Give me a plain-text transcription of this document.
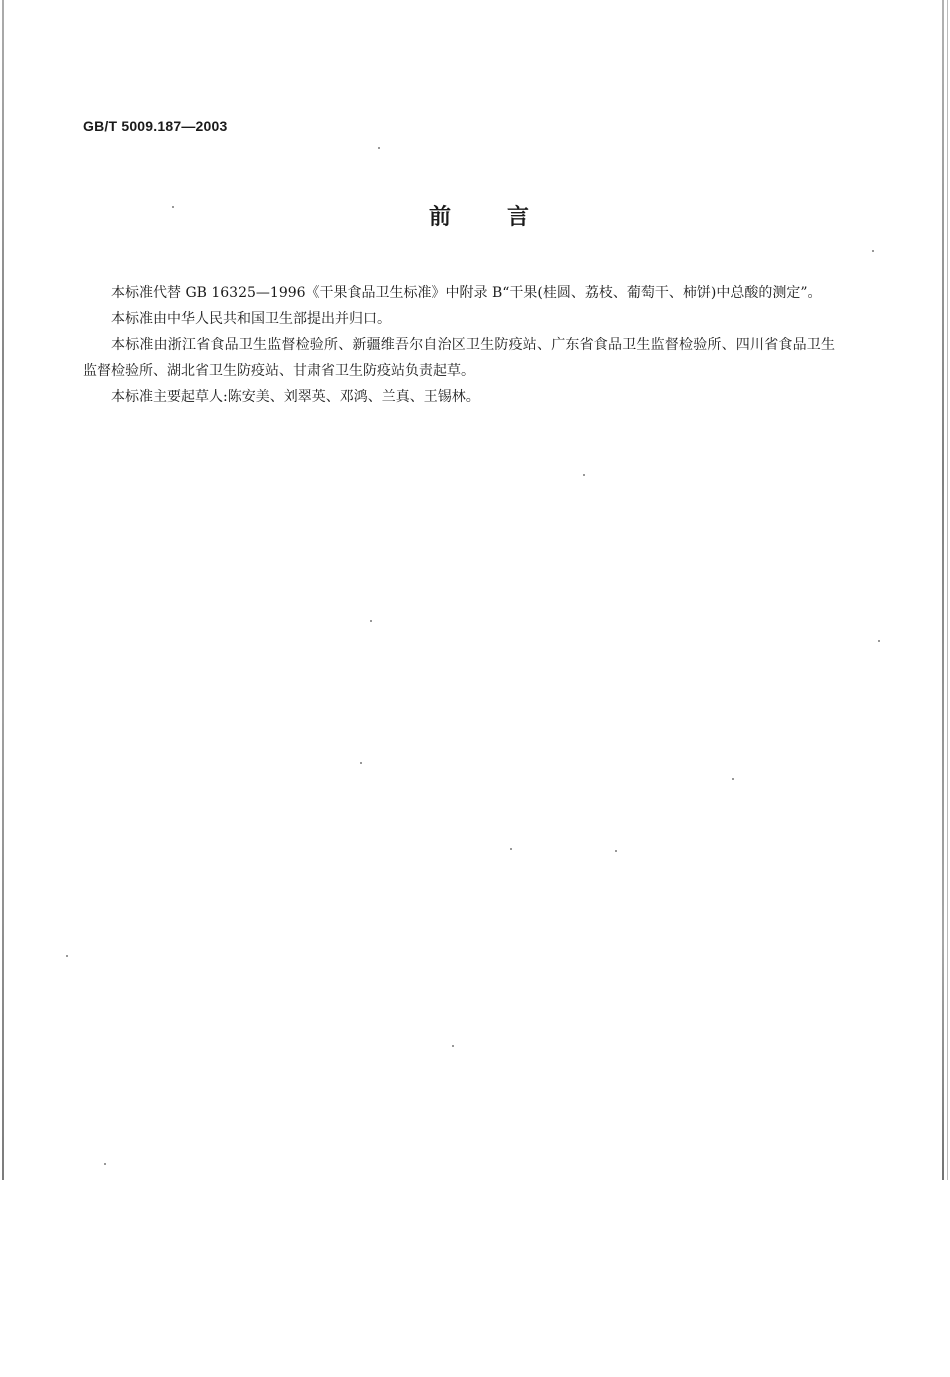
GB/T 5009.187—2003
前言

本标准代替 GB 16325—1996《干果食品卫生标准》中附录 B“干果(桂圆、荔枝、葡萄干、柿饼)中总酸的测定”。

本标准由中华人民共和国卫生部提出并归口。

本标准由浙江省食品卫生监督检验所、新疆维吾尔自治区卫生防疫站、广东省食品卫生监督检验所、四川省食品卫生监督检验所、湖北省卫生防疫站、甘肃省卫生防疫站负责起草。

本标准主要起草人:陈安美、刘翠英、邓鸿、兰真、王锡林。
